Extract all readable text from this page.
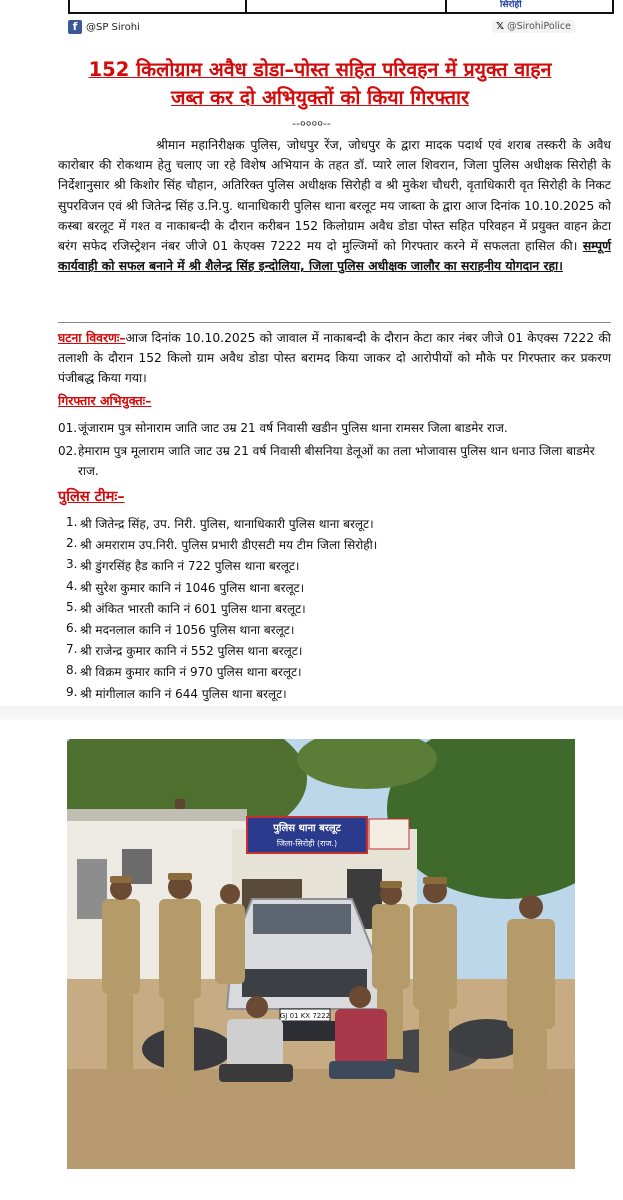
सिरोही
f @SP Sirohi	𝕏 @SirohiPolice
152 किलोग्राम अवैध डोडा–पोस्त सहित परिवहन में प्रयुक्त वाहन
जब्त कर दो अभियुक्तों को किया गिरफ्तार
--००००--
श्रीमान महानिरीक्षक पुलिस, जोधपुर रेंज, जोधपुर के द्वारा मादक पदार्थ एवं शराब तस्करी के अवैध कारोबार की रोकथाम हेतु चलाए जा रहे विशेष अभियान के तहत डॉ. प्यारे लाल शिवरान, जिला पुलिस अधीक्षक सिरोही के निर्देशानुसार श्री किशोर सिंह चौहान, अतिरिक्त पुलिस अधीक्षक सिरोही व श्री मुकेश चौधरी, वृताधिकारी वृत सिरोही के निकट सुपरविजन एवं श्री जितेन्द्र सिंह उ.नि.पु. थानाधिकारी पुलिस थाना बरलूट मय जाब्ता के द्वारा आज दिनांक 10.10.2025 को कस्बा बरलूट में गश्त व नाकाबन्दी के दौरान करीबन 152 किलोग्राम अवैध डोडा पोस्त सहित परिवहन में प्रयुक्त वाहन क्रेटा बरंग सफेद रजिस्ट्रेशन नंबर जीजे 01 केएक्स 7222 मय दो मुल्जिमों को गिरफ्तार करने में सफलता हासिल की। सम्पूर्ण कार्यवाही को सफल बनाने में श्री शैलेन्द्र सिंह इन्दोलिया, जिला पुलिस अधीक्षक जालौर का सराहनीय योगदान रहा।
घटना विवरणः–आज दिनांक 10.10.2025 को जावाल में नाकाबन्दी के दौरान केटा कार नंबर जीजे 01 केएक्स 7222 की तलाशी के दौरान 152 किलो ग्राम अवैध डोडा पोस्त बरामद किया जाकर दो आरोपीयों को मौके पर गिरफ्तार कर प्रकरण पंजीबद्ध किया गया।
गिरफ्तार अभियुक्तः–
01. जूंजाराम पुत्र सोनाराम जाति जाट उम्र 21 वर्ष निवासी खडीन पुलिस थाना रामसर जिला बाडमेर राज.
02. हेमाराम पुत्र मूलाराम जाति जाट उम्र 21 वर्ष निवासी बीसनिया डेलूओं का तला भोजावास पुलिस थान धनाउ जिला बाडमेर राज.
पुलिस टीमः–
1. श्री जितेन्द्र सिंह, उप. निरी. पुलिस, थानाधिकारी पुलिस थाना बरलूट।
2. श्री अमराराम उप.निरी. पुलिस प्रभारी डीएसटी मय टीम जिला सिरोही।
3. श्री डुंगरसिंह हैड कानि नं 722 पुलिस थाना बरलूट।
4. श्री सुरेश कुमार कानि नं 1046 पुलिस थाना बरलूट।
5. श्री अंकित भारती कानि नं 601 पुलिस थाना बरलूट।
6. श्री मदनलाल कानि नं 1056 पुलिस थाना बरलूट।
7. श्री राजेन्द्र कुमार कानि नं 552 पुलिस थाना बरलूट।
8. श्री विक्रम कुमार कानि नं 970 पुलिस थाना बरलूट।
9. श्री मांगीलाल कानि नं 644 पुलिस थाना बरलूट।
पुलिस थाना बरलूट
जिला-सिरोही (राज.)
GJ 01 KX 7222
